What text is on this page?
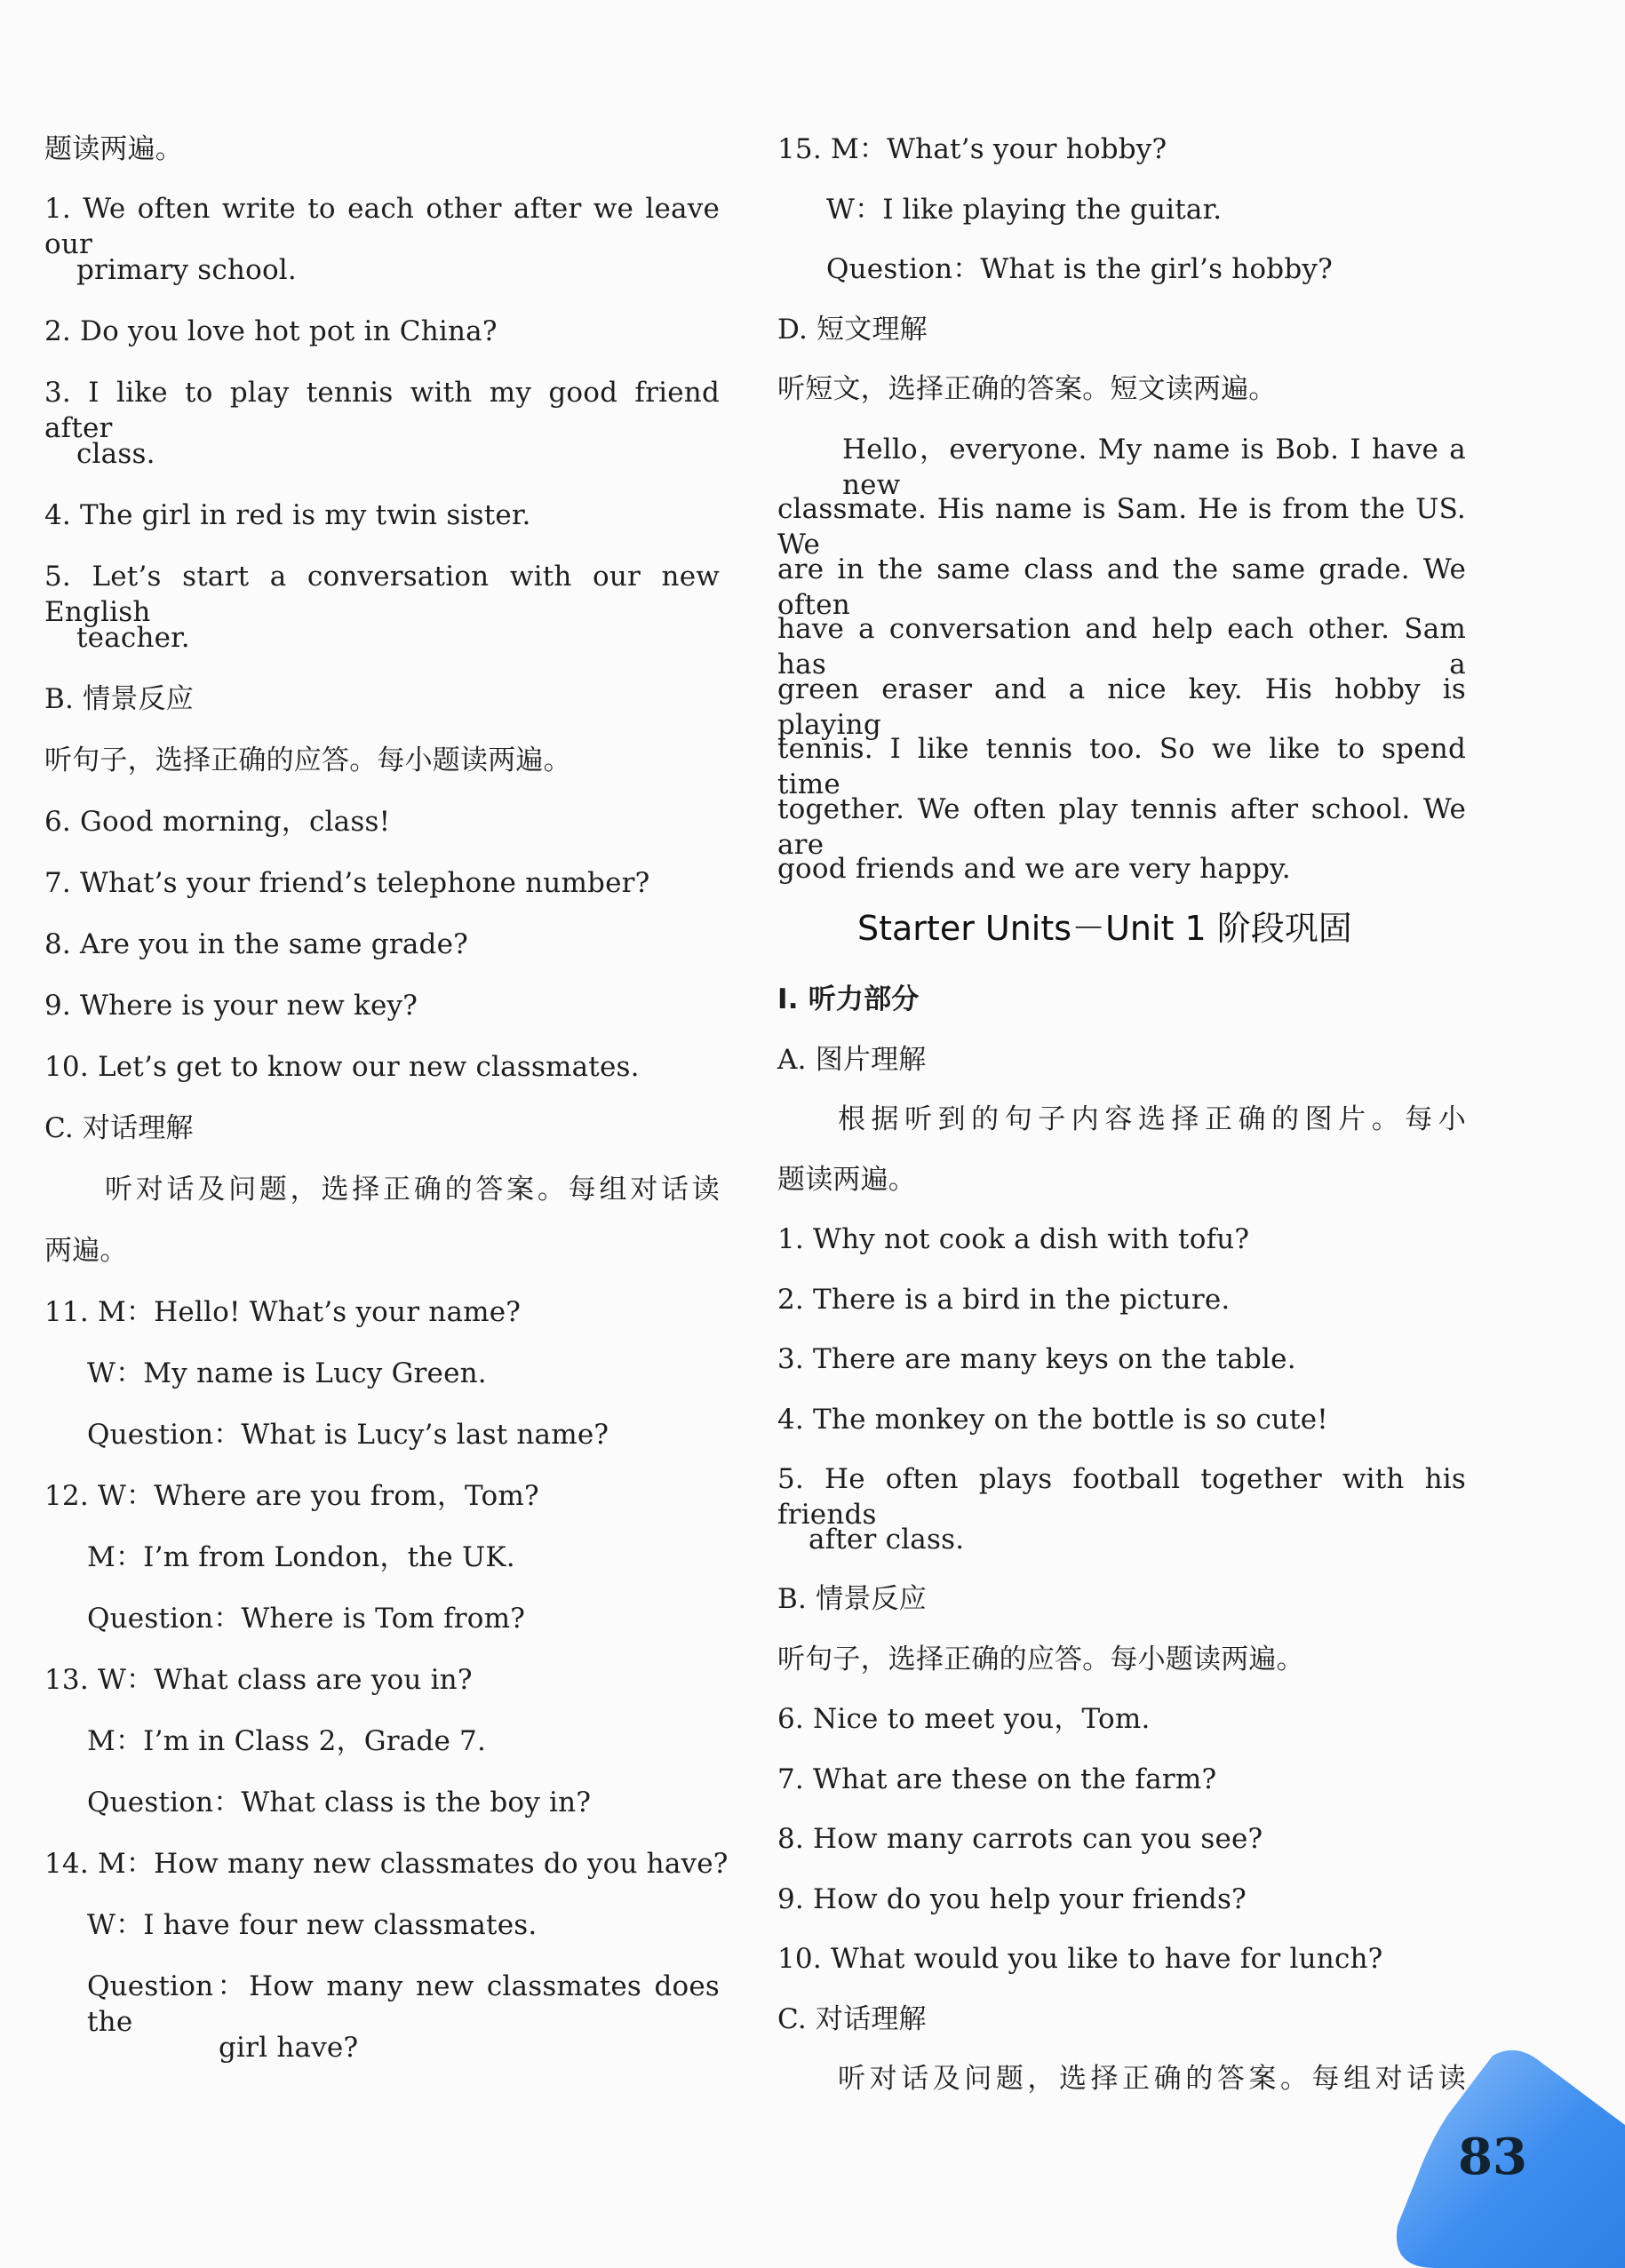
题读两遍。
1. We often write to each other after we leave our
primary school.
2. Do you love hot pot in China?
3. I like to play tennis with my good friend after
class.
4. The girl in red is my twin sister.
5. Let’s start a conversation with our new English
teacher.
B. 情景反应
听句子，选择正确的应答。每小题读两遍。
6. Good morning，class!
7. What’s your friend’s telephone number?
8. Are you in the same grade?
9. Where is your new key?
10. Let’s get to know our new classmates.
C. 对话理解
听对话及问题，选择正确的答案。每组对话读
两遍。
11. M：Hello! What’s your name?
W：My name is Lucy Green.
Question：What is Lucy’s last name?
12. W：Where are you from，Tom?
M：I’m from London，the UK.
Question：Where is Tom from?
13. W：What class are you in?
M：I’m in Class 2，Grade 7.
Question：What class is the boy in?
14. M：How many new classmates do you have?
W：I have four new classmates.
Question：How many new classmates does the
girl have?
15. M：What’s your hobby?
W：I like playing the guitar.
Question：What is the girl’s hobby?
D. 短文理解
听短文，选择正确的答案。短文读两遍。
Hello，everyone. My name is Bob. I have a new
classmate. His name is Sam. He is from the US. We
are in the same class and the same grade. We often
have a conversation and help each other. Sam has a
green eraser and a nice key. His hobby is playing
tennis. I like tennis too. So we like to spend time
together. We often play tennis after school. We are
good friends and we are very happy.
Starter Units－Unit 1 阶段巩固
Ⅰ. 听力部分
A. 图片理解
根据听到的句子内容选择正确的图片。每小
题读两遍。
1. Why not cook a dish with tofu?
2. There is a bird in the picture.
3. There are many keys on the table.
4. The monkey on the bottle is so cute!
5. He often plays football together with his friends
after class.
B. 情景反应
听句子，选择正确的应答。每小题读两遍。
6. Nice to meet you，Tom.
7. What are these on the farm?
8. How many carrots can you see?
9. How do you help your friends?
10. What would you like to have for lunch?
C. 对话理解
听对话及问题，选择正确的答案。每组对话读
83
